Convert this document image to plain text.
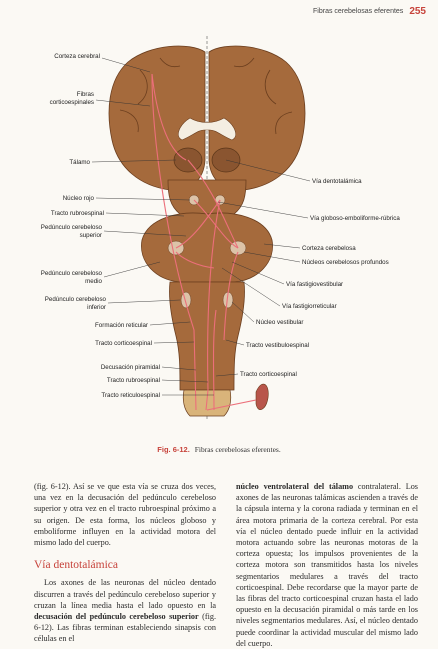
Fibras cerebelosas eferentes 255
Corteza cerebral
Fibras
corticoespinales
Tálamo
Núcleo rojo
Tracto rubroespinal
Pedúnculo cerebeloso
superior
Pedúnculo cerebeloso
medio
Pedúnculo cerebeloso
inferior
Formación reticular
Tracto corticoespinal
Decusación piramidal
Tracto rubroespinal
Tracto reticuloespinal
Vía dentotalámica
Vía globoso-emboliforme-rúbrica
Corteza cerebelosa
Núcleos cerebelosos profundos
Vía fastigiovestibular
Vía fastigiorreticular
Núcleo vestibular
Tracto vestibuloespinal
Tracto corticoespinal
Fig. 6-12. Fibras cerebelosas eferentes.

(fig. 6-12). Así se ve que esta vía se cruza dos veces, una vez en la decusación del pedúnculo cerebeloso superior y otra vez en el tracto rubroespinal próximo a su origen. De esta forma, los núcleos globoso y emboliforme influyen en la actividad motora del mismo lado del cuerpo.

Vía dentotalámica

Los axones de las neuronas del núcleo dentado discurren a través del pedúnculo cerebeloso superior y cruzan la línea media hasta el lado opuesto en la decusación del pedúnculo cerebeloso superior (fig. 6-12). Las fibras terminan estableciendo sinapsis con células en el

núcleo ventrolateral del tálamo contralateral. Los axones de las neuronas talámicas ascienden a través de la cápsula interna y la corona radiada y terminan en el área motora primaria de la corteza cerebral. Por esta vía el núcleo dentado puede influir en la actividad motora actuando sobre las neuronas motoras de la corteza opuesta; los impulsos provenientes de la corteza motora son transmitidos hasta los niveles segmentarios medulares a través del tracto corticoespinal. Debe recordarse que la mayor parte de las fibras del tracto corticoespinal cruzan hasta el lado opuesto en la decusación piramidal o más tarde en los niveles segmentarios medulares. Así, el núcleo dentado puede coordinar la actividad muscular del mismo lado del cuerpo.
